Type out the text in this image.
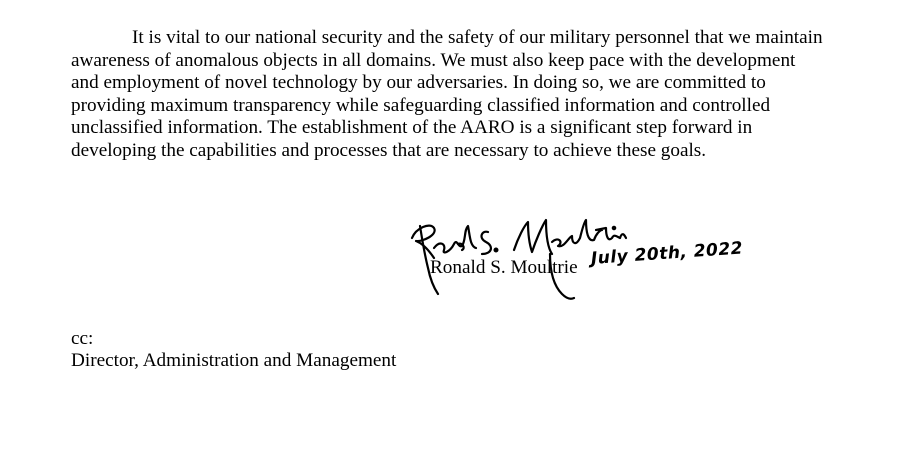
It is vital to our national security and the safety of our military personnel that we maintain
awareness of anomalous objects in all domains. We must also keep pace with the development
and employment of novel technology by our adversaries. In doing so, we are committed to
providing maximum transparency while safeguarding classified information and controlled
unclassified information. The establishment of the AARO is a significant step forward in
developing the capabilities and processes that are necessary to achieve these goals.

Ronald S. Moultrie July 20th, 2022
cc:
Director, Administration and Management
